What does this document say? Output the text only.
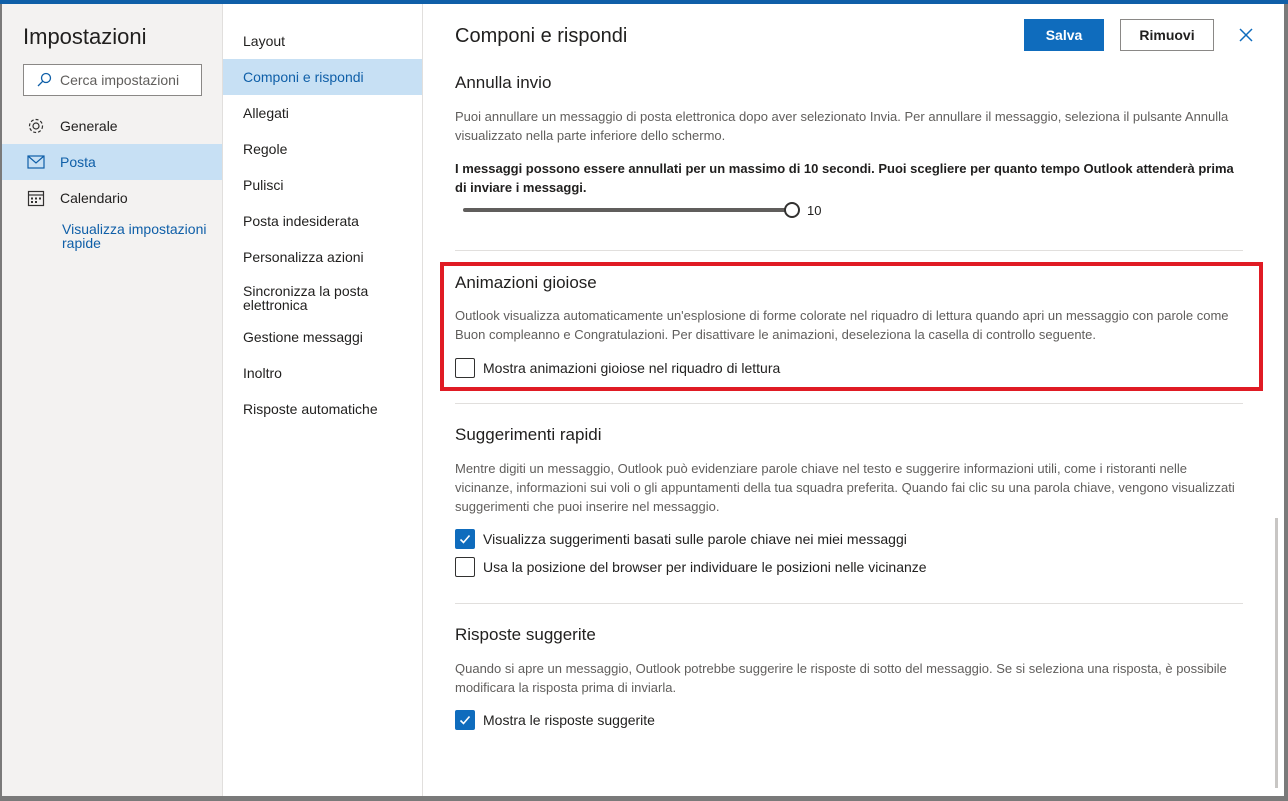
Impostazioni
Cerca impostazioni
Generale
Posta
Calendario
Visualizza impostazioni rapide
Layout
Componi e rispondi
Allegati
Regole
Pulisci
Posta indesiderata
Personalizza azioni
Sincronizza la posta elettronica
Gestione messaggi
Inoltro
Risposte automatiche
Componi e rispondi	Salva	Rimuovi
Annulla invio
Puoi annullare un messaggio di posta elettronica dopo aver selezionato Invia. Per annullare il messaggio, seleziona il pulsante Annulla visualizzato nella parte inferiore dello schermo.
I messaggi possono essere annullati per un massimo di 10 secondi. Puoi scegliere per quanto tempo Outlook attenderà prima di inviare i messaggi.
10
Animazioni gioiose
Outlook visualizza automaticamente un'esplosione di forme colorate nel riquadro di lettura quando apri un messaggio con parole come Buon compleanno e Congratulazioni. Per disattivare le animazioni, deseleziona la casella di controllo seguente.
Mostra animazioni gioiose nel riquadro di lettura
Suggerimenti rapidi
Mentre digiti un messaggio, Outlook può evidenziare parole chiave nel testo e suggerire informazioni utili, come i ristoranti nelle vicinanze, informazioni sui voli o gli appuntamenti della tua squadra preferita. Quando fai clic su una parola chiave, vengono visualizzati suggerimenti che puoi inserire nel messaggio.
Visualizza suggerimenti basati sulle parole chiave nei miei messaggi
Usa la posizione del browser per individuare le posizioni nelle vicinanze
Risposte suggerite
Quando si apre un messaggio, Outlook potrebbe suggerire le risposte di sotto del messaggio. Se si seleziona una risposta, è possibile modificara la risposta prima di inviarla.
Mostra le risposte suggerite
